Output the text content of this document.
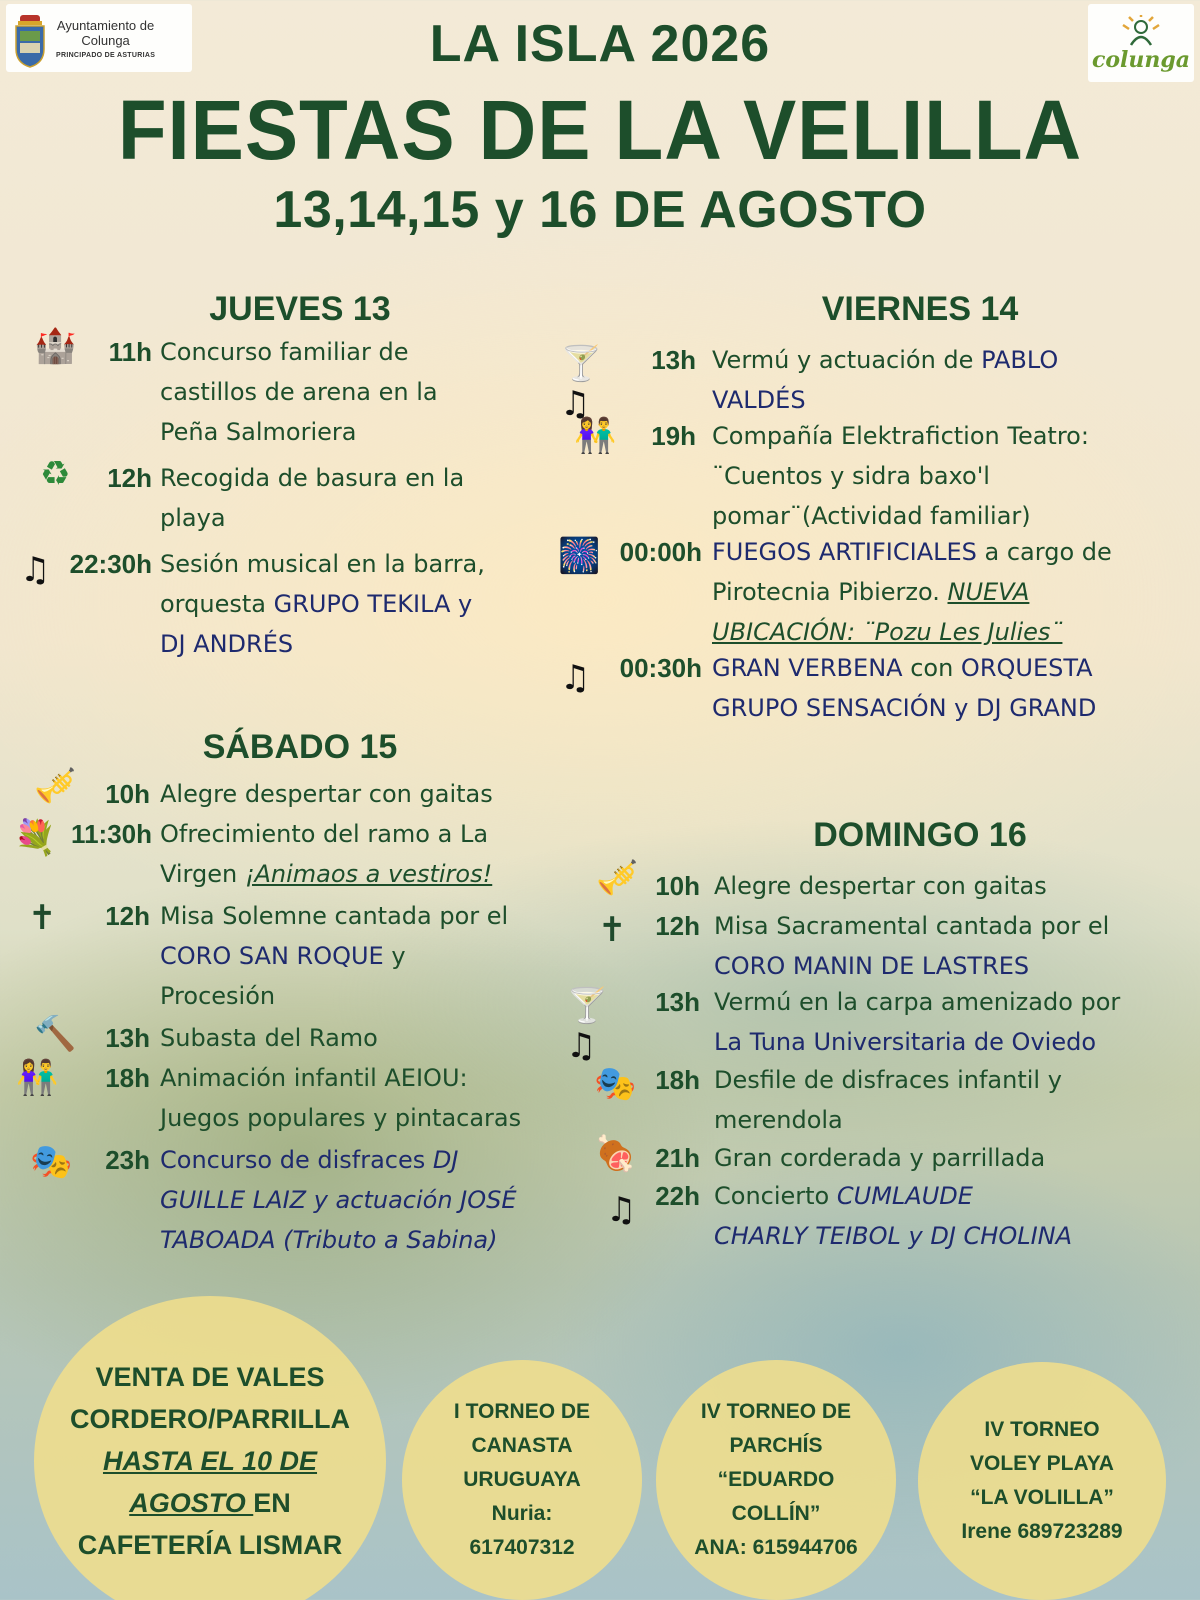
Ayuntamiento de
Colunga
PRINCIPADO DE ASTURIAS	colunga
LA ISLA 2026
FIESTAS DE LA VELILLA
13,14,15 y 16 DE AGOSTO
JUEVES 13
🏰	11h Concurso familiar de
castillos de arena en la
Peña Salmoriera
♻	12h Recogida de basura en la
playa
♫ 22:30h Sesión musical en la barra,
orquesta GRUPO TEKILA y
DJ ANDRÉS
VIERNES 14
🍸♫
13h Vermú y actuación de PABLO
VALDÉS
👫	19h Compañía Elektrafiction Teatro:
¨Cuentos y sidra baxo'l
pomar¨(Actividad familiar)
🎆 00:00h FUEGOS ARTIFICIALES a cargo de
Pirotecnia Pibierzo. NUEVA
UBICACIÓN: ¨Pozu Les Julies¨
♫	00:30h GRAN VERBENA con ORQUESTA
GRUPO SENSACIÓN y DJ GRAND
SÁBADO 15
🎺	10h Alegre despertar con gaitas
💐 11:30h Ofrecimiento del ramo a La
Virgen ¡Animaos a vestiros!
✝	12h Misa Solemne cantada por el
CORO SAN ROQUE y
Procesión
🔨	13h Subasta del Ramo
👫	18h Animación infantil AEIOU:
Juegos populares y pintacaras
🎭	23h Concurso de disfraces DJ
GUILLE LAIZ y actuación JOSÉ
TABOADA (Tributo a Sabina)
DOMINGO 16
🎺 10h Alegre despertar con gaitas
✝	12h Misa Sacramental cantada por el
CORO MANIN DE LASTRES
🍸♫
13h Vermú en la carpa amenizado por
La Tuna Universitaria de Oviedo
🎭 18h Desfile de disfraces infantil y
merendola
🍖 21h Gran corderada y parrillada
♫ 22h Concierto CUMLAUDE
CHARLY TEIBOL y DJ CHOLINA
VENTA DE VALES
CORDERO/PARRILLA
HASTA EL 10 DE
AGOSTO EN
CAFETERÍA LISMAR
I TORNEO DE
CANASTA
URUGUAYA
Nuria:
617407312
IV TORNEO DE
PARCHÍS
“EDUARDO
COLLÍN”
ANA: 615944706
IV TORNEO
VOLEY PLAYA
“LA VOLILLA”
Irene 689723289
